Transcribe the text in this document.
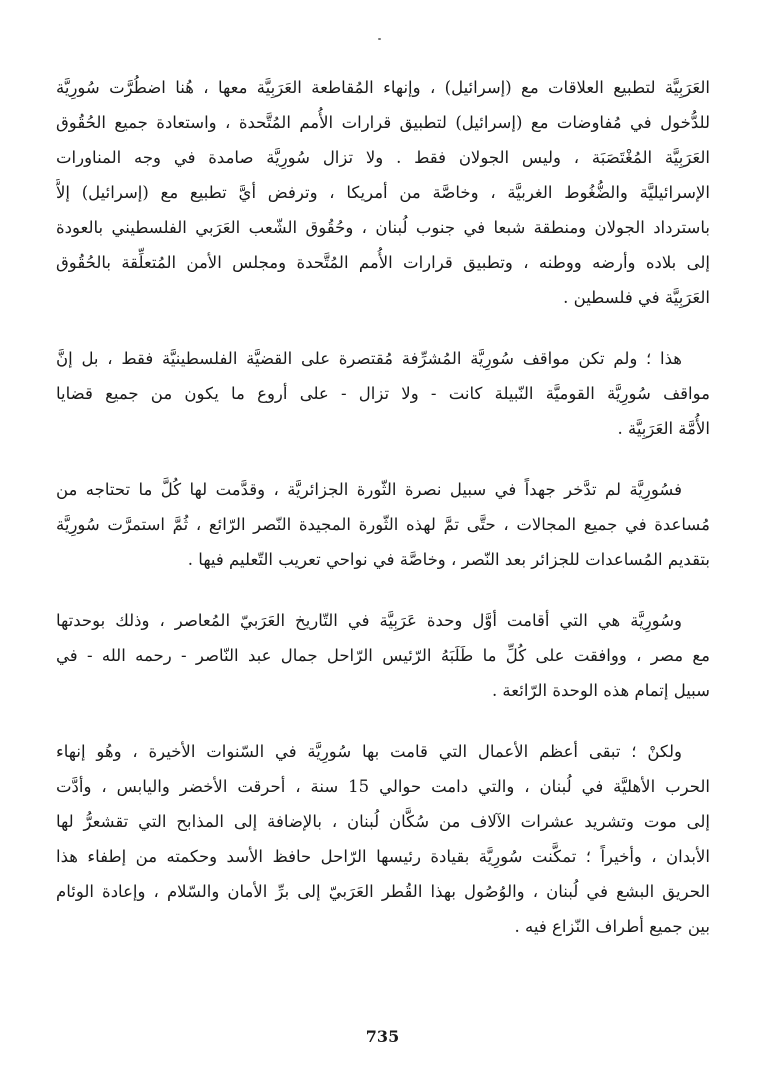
العَرَبِيَّة لتطبيع العلاقات مع (إسرائيل) ، وإنهاء المُقاطعة العَرَبِيَّة معها ، هُنا اضطُرَّت سُورِيَّة
للدُّخول في مُفاوضات مع (إسرائيل) لتطبيق قرارات الأُمم المُتَّحدة ، واستعادة جميع الحُقُوق
العَرَبِيَّة المُغْتَصَبَة ، وليس الجولان فقط . ولا تزال سُورِيَّة صامدة في وجه المناورات
الإسرائيليَّة والضُّغُوط الغربيَّة ، وخاصَّة من أمريكا ، وترفض أيَّ تطبيع مع (إسرائيل) إلاَّ
باسترداد الجولان ومنطقة شبعا في جنوب لُبنان ، وحُقُوق الشّعب العَرَبي الفلسطيني بالعودة
إلى بلاده وأرضه ووطنه ، وتطبيق قرارات الأُمم المُتَّحدة ومجلس الأمن المُتعلِّقة بالحُقُوق
العَرَبِيَّة في فلسطين .
هذا ؛ ولم تكن مواقف سُورِيَّة المُشرِّفة مُقتصرة على القضيَّة الفلسطينيَّة فقط ، بل إنَّ
مواقف سُورِيَّة القوميَّة النّبيلة كانت - ولا تزال - على أروع ما يكون من جميع قضايا
الأُمَّة العَرَبِيَّة .
فسُورِيَّة لم تدَّخر جهداً في سبيل نصرة الثّورة الجزائريَّة ، وقدَّمت لها كُلَّ ما تحتاجه من
مُساعدة في جميع المجالات ، حتَّى تمَّ لهذه الثّورة المجيدة النّصر الرّائع ، ثُمَّ استمرَّت سُورِيَّة
بتقديم المُساعدات للجزائر بعد النّصر ، وخاصَّة في نواحي تعريب التّعليم فيها .
وسُورِيَّة هي التي أقامت أوَّل وحدة عَرَبِيَّة في التّاريخ العَرَبيّ المُعاصر ، وذلك بوحدتها
مع مصر ، ووافقت على كُلِّ ما طَلَبَهُ الرّئيس الرّاحل جمال عبد النّاصر - رحمه الله - في
سبيل إتمام هذه الوحدة الرّائعة .
ولكنْ ؛ تبقى أعظم الأعمال التي قامت بها سُورِيَّة في السّنوات الأخيرة ، وهُو إنهاء
الحرب الأهليَّة في لُبنان ، والتي دامت حوالي 15 سنة ، أحرقت الأخضر واليابس ، وأدَّت
إلى موت وتشريد عشرات الآلاف من سُكَّان لُبنان ، بالإضافة إلى المذابح التي تقشعرُّ لها
الأبدان ، وأخيراً ؛ تمكَّنت سُورِيَّة بقيادة رئيسها الرّاحل حافظ الأسد وحكمته من إطفاء هذا
الحريق البشع في لُبنان ، والوُصُول بهذا القُطر العَرَبيّ إلى برِّ الأمان والسّلام ، وإعادة الوئام
بين جميع أطراف النّزاع فيه .
735
